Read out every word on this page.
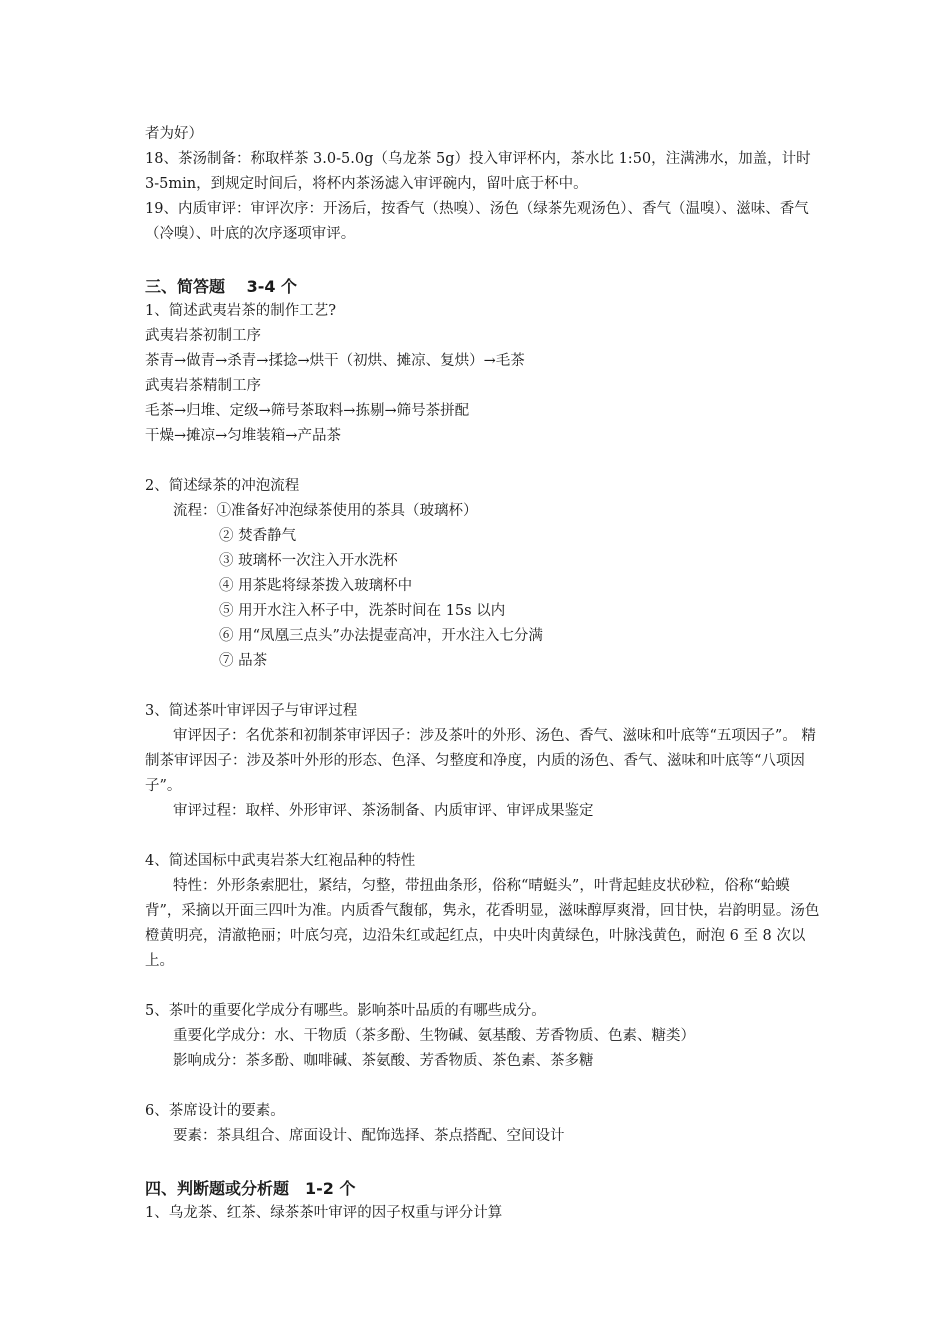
者为好）
18、茶汤制备：称取样茶 3.0-5.0g（乌龙茶 5g）投入审评杯内，茶水比 1:50，注满沸水，加盖，计时 3-5min，到规定时间后，将杯内茶汤滤入审评碗内，留叶底于杯中。
19、内质审评：审评次序：开汤后，按香气（热嗅）、汤色（绿茶先观汤色）、香气（温嗅）、滋味、香气（冷嗅）、叶底的次序逐项审评。
三、简答题　 3-4 个
1、简述武夷岩茶的制作工艺?
武夷岩茶初制工序
茶青→做青→杀青→揉捻→烘干（初烘、摊凉、复烘）→毛茶
武夷岩茶精制工序
毛茶→归堆、定级→筛号茶取料→拣剔→筛号茶拼配
干燥→摊凉→匀堆装箱→产品茶
2、简述绿茶的冲泡流程
流程：①准备好冲泡绿茶使用的茶具（玻璃杯）
② 焚香静气
③ 玻璃杯一次注入开水洗杯
④ 用茶匙将绿茶拨入玻璃杯中
⑤ 用开水注入杯子中，洗茶时间在 15s 以内
⑥ 用“凤凰三点头”办法提壶高冲，开水注入七分满
⑦ 品茶
3、简述茶叶审评因子与审评过程
审评因子：名优茶和初制茶审评因子：涉及茶叶的外形、汤色、香气、滋味和叶底等“五项因子”。 精制茶审评因子：涉及茶叶外形的形态、色泽、匀整度和净度，内质的汤色、香气、滋味和叶底等“八项因子”。
审评过程：取样、外形审评、茶汤制备、内质审评、审评成果鉴定
4、简述国标中武夷岩茶大红袍品种的特性
特性：外形条索肥壮，紧结，匀整，带扭曲条形，俗称“晴蜓头”，叶背起蛙皮状砂粒，俗称“蛤蟆背”，采摘以开面三四叶为准。内质香气馥郁，隽永，花香明显，滋味醇厚爽滑，回甘快，岩韵明显。汤色橙黄明亮，清澈艳丽；叶底匀亮，边沿朱红或起红点，中央叶肉黄绿色，叶脉浅黄色，耐泡 6 至 8 次以上。
5、茶叶的重要化学成分有哪些。影响茶叶品质的有哪些成分。
重要化学成分：水、干物质（茶多酚、生物碱、氨基酸、芳香物质、色素、糖类）
影响成分：茶多酚、咖啡碱、茶氨酸、芳香物质、茶色素、茶多糖
6、茶席设计的要素。
要素：茶具组合、席面设计、配饰选择、茶点搭配、空间设计
四、判断题或分析题　1-2 个
1、乌龙茶、红茶、绿茶茶叶审评的因子权重与评分计算
